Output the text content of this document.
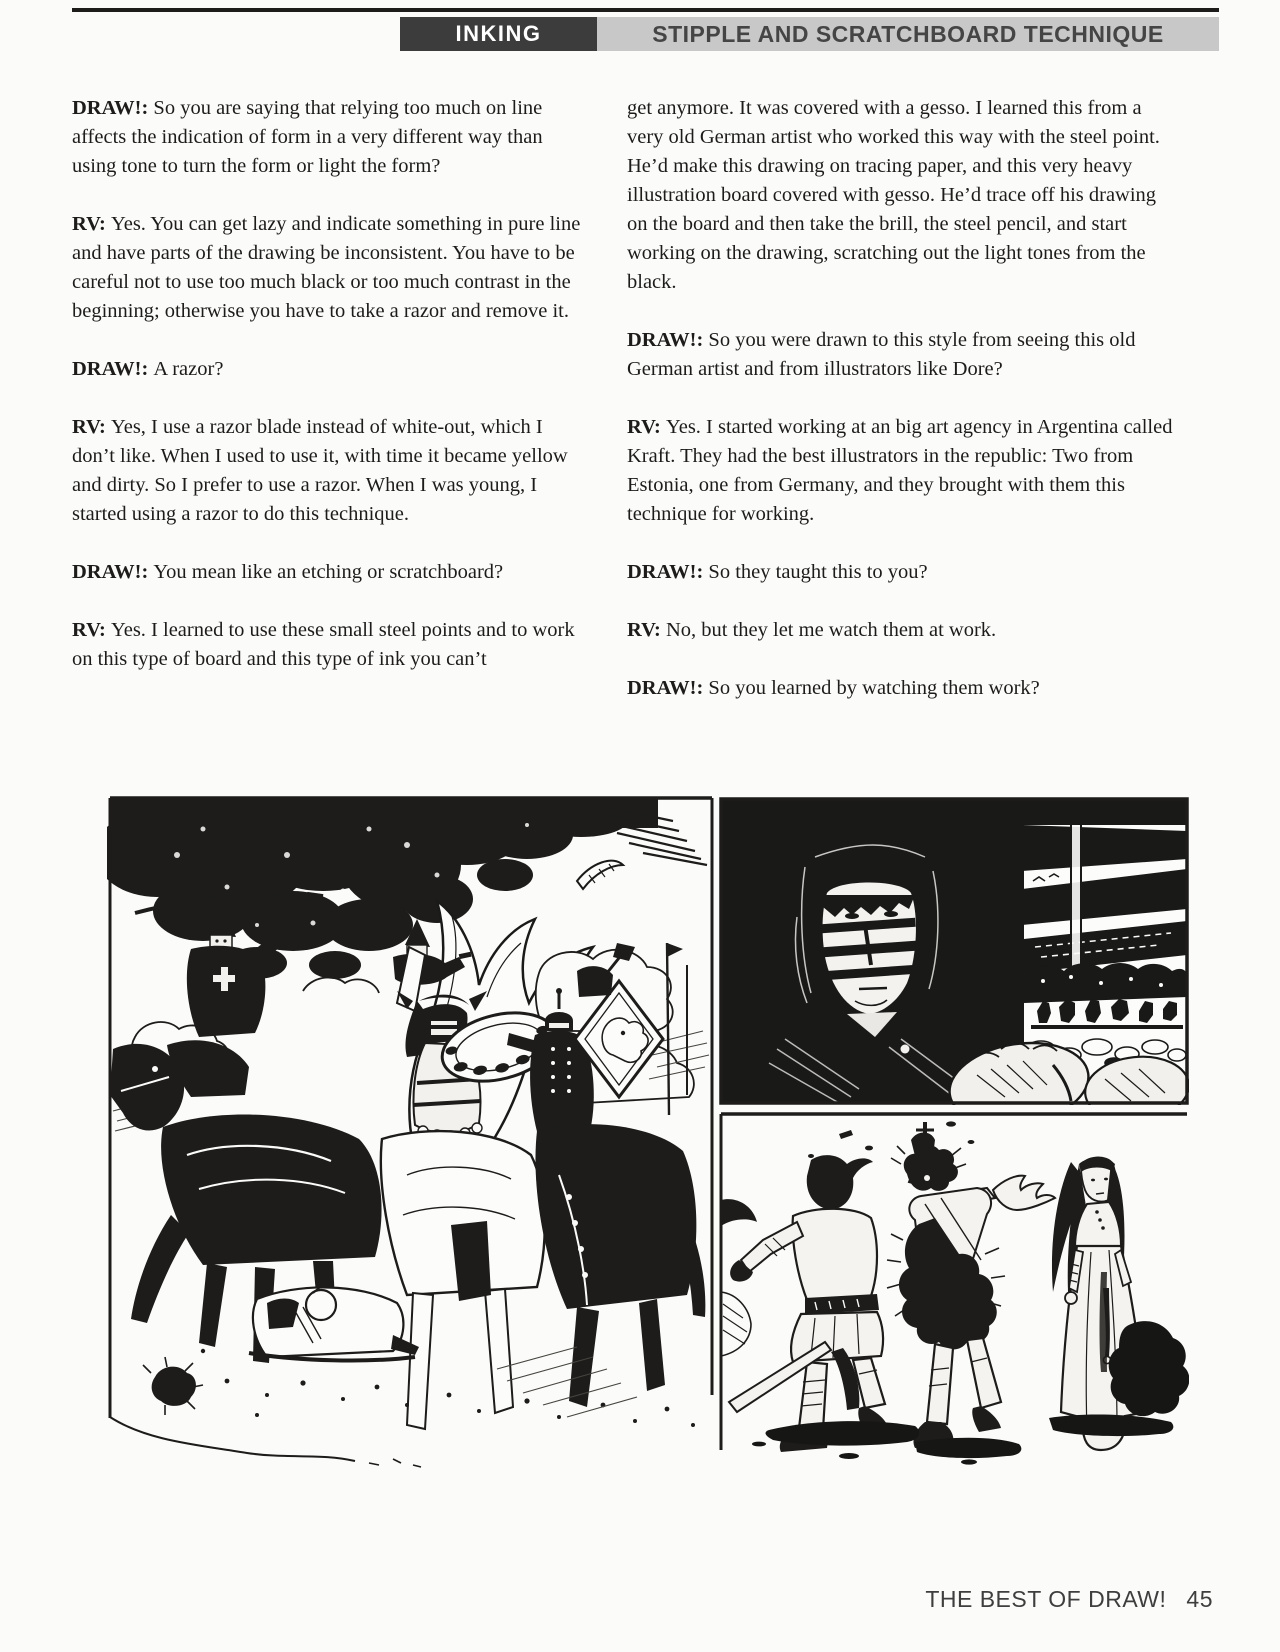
INKING	STIPPLE AND SCRATCHBOARD TECHNIQUE

DRAW!: So you are saying that relying too much on line affects the indication of form in a very different way than using tone to turn the form or light the form?

RV: Yes. You can get lazy and indicate something in pure line and have parts of the drawing be inconsistent. You have to be careful not to use too much black or too much contrast in the beginning; otherwise you have to take a razor and remove it.

DRAW!: A razor?

RV: Yes, I use a razor blade instead of white-out, which I don’t like. When I used to use it, with time it became yellow and dirty. So I prefer to use a razor. When I was young, I started using a razor to do this technique.

DRAW!: You mean like an etching or scratchboard?

RV: Yes. I learned to use these small steel points and to work on this type of board and this type of ink you can’t

get anymore. It was covered with a gesso. I learned this from a very old German artist who worked this way with the steel point. He’d make this drawing on tracing paper, and this very heavy illustration board covered with gesso. He’d trace off his drawing on the board and then take the brill, the steel pencil, and start working on the drawing, scratching out the light tones from the black.

DRAW!: So you were drawn to this style from seeing this old German artist and from illustrators like Dore?

RV: Yes. I started working at an big art agency in Argentina called Kraft. They had the best illustrators in the republic: Two from Estonia, one from Germany, and they brought with them this technique for working.

DRAW!: So they taught this to you?

RV: No, but they let me watch them at work.

DRAW!: So you learned by watching them work?

THE BEST OF DRAW! 45
